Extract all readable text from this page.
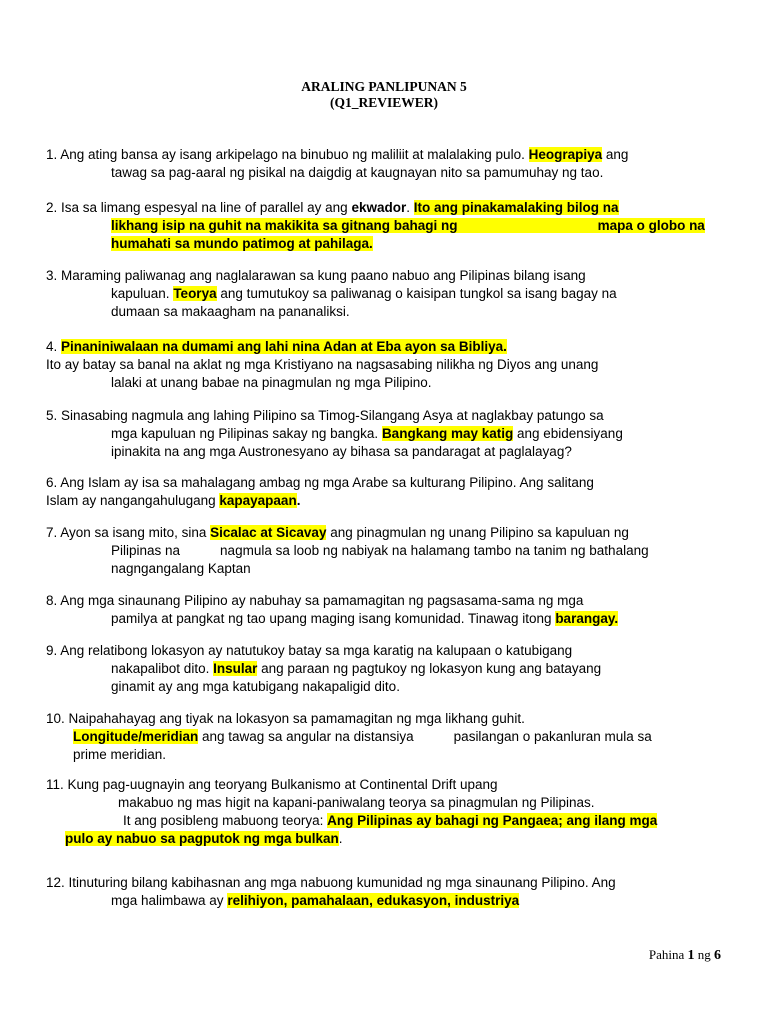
ARALING PANLIPUNAN 5
(Q1_REVIEWER)
1. Ang ating bansa ay isang arkipelago na binubuo ng maliliit at malalaking pulo. Heograpiya ang
tawag sa pag-aaral ng pisikal na daigdig at kaugnayan nito sa pamumuhay ng tao.
2. Isa sa limang espesyal na line of parallel ay ang ekwador. Ito ang pinakamalaking bilog na
likhang isip na guhit na makikita sa gitnang bahagi ng	mapa o globo na
humahati sa mundo patimog at pahilaga.
3. Maraming paliwanag ang naglalarawan sa kung paano nabuo ang Pilipinas bilang isang
kapuluan. Teorya ang tumutukoy sa paliwanag o kaisipan tungkol sa isang bagay na
dumaan sa makaagham na pananaliksi.
4. Pinaniniwalaan na dumami ang lahi nina Adan at Eba ayon sa Bibliya.
Ito ay batay sa banal na aklat ng mga Kristiyano na nagsasabing nilikha ng Diyos ang unang
lalaki at unang babae na pinagmulan ng mga Pilipino.
5. Sinasabing nagmula ang lahing Pilipino sa Timog-Silangang Asya at naglakbay patungo sa
mga kapuluan ng Pilipinas sakay ng bangka. Bangkang may katig ang ebidensiyang
ipinakita na ang mga Austronesyano ay bihasa sa pandaragat at paglalayag?
6. Ang Islam ay isa sa mahalagang ambag ng mga Arabe sa kulturang Pilipino. Ang salitang
Islam ay nangangahulugang kapayapaan.
7. Ayon sa isang mito, sina Sicalac at Sicavay ang pinagmulan ng unang Pilipino sa kapuluan ng
Pilipinas na	nagmula sa loob ng nabiyak na halamang tambo na tanim ng bathalang
nagngangalang Kaptan
8. Ang mga sinaunang Pilipino ay nabuhay sa pamamagitan ng pagsasama-sama ng mga
pamilya at pangkat ng tao upang maging isang komunidad. Tinawag itong barangay.
9. Ang relatibong lokasyon ay natutukoy batay sa mga karatig na kalupaan o katubigang
nakapalibot dito. Insular ang paraan ng pagtukoy ng lokasyon kung ang batayang
ginamit ay ang mga katubigang nakapaligid dito.
10. Naipahahayag ang tiyak na lokasyon sa pamamagitan ng mga likhang guhit.
Longitude/meridian ang tawag sa angular na distansiya	pasilangan o pakanluran mula sa
prime meridian.
11. Kung pag-uugnayin ang teoryang Bulkanismo at Continental Drift upang
makabuo ng mas higit na kapani-paniwalang teorya sa pinagmulan ng Pilipinas.
It ang posibleng mabuong teorya: Ang Pilipinas ay bahagi ng Pangaea; ang ilang mga
pulo ay nabuo sa pagputok ng mga bulkan.
12. Itinuturing bilang kabihasnan ang mga nabuong kumunidad ng mga sinaunang Pilipino. Ang
mga halimbawa ay relihiyon, pamahalaan, edukasyon, industriya
Pahina 1 ng 6
